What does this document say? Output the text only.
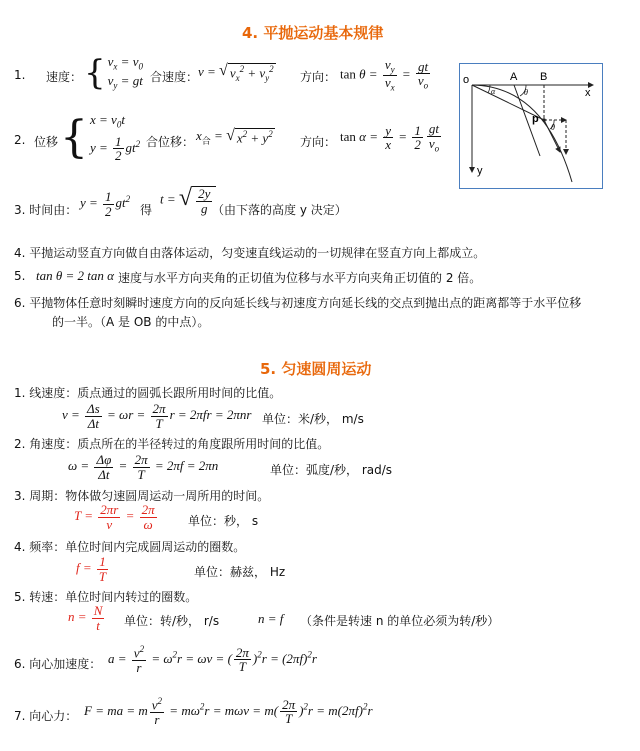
4. 平抛运动基本规律
1. 速度： { $v_x = v_0$
$v_y$ = gt 合速度： v = √ $v_x^2 + v_y^2$
方向： $\tan \theta = \frac{v_y}{v_x} = \frac{gt}{v_o}$
2. 位移 { $x = v_0t$
$y = \frac{1}{2} gt^2$ 合位移： $x_合$ = √ $x^2 + y^2$
方向： $\tan \alpha = \frac{y}{x} = \frac{1}{2} \frac{gt}{v_o}$
3. 时间由： $y = \frac{1}{2} gt^2$
得
t = √ $\frac{2y}{g}$ （由下落的高度 y 决定）
4. 平抛运动竖直方向做自由落体运动，匀变速直线运动的一切规律在竖直方向上都成立。
5. tan θ = 2 tan α 速度与水平方向夹角的正切值为位移与水平方向夹角正切值的 2 倍。
6. 平抛物体任意时刻瞬时速度方向的反向延长线与初速度方向延长线的交点到抛出点的距离都等于水平位移
的一半。（A 是 OB 的中点）。
o	A B
p
x
y
α	θ
θ
5. 匀速圆周运动
1. 线速度：质点通过的圆弧长跟所用时间的比值。
$v = \frac{\Delta s}{\Delta t} = \omega r = \frac{2\pi}{T}$ r = 2πfr = 2πnr 单位：米/秒， m/s
2. 角速度：质点所在的半径转过的角度跟所用时间的比值。
$\omega = \frac{\Delta\varphi}{\Delta t} = \frac{2\pi}{T} = 2\pi f = 2\pi n$	单位：弧度/秒， rad/s
3. 周期：物体做匀速圆周运动一周所用的时间。
$T = \frac{2\pi r}{v} = \frac{2\pi}{\omega}$	单位：秒， s
4. 频率：单位时间内完成圆周运动的圈数。
$f = \frac{1}{T}$	单位：赫兹， Hz
5. 转速：单位时间内转过的圈数。
$n = \frac{N}{t}$ 单位：转/秒， r/s	n = f （条件是转速 n 的单位必须为转/秒）
6. 向心加速度： $a = \frac{v^2}{r} = \omega^2r = \omega v$ = ( $\frac{2\pi}{T} )^2r = (2\pi f)^2r$
7. 向心力： F = ma = m $\frac{v^2}{r} = m\omega^2r = m\omega v = m( \frac{2\pi}{T} )^2r = m(2\pi f)^2r$
